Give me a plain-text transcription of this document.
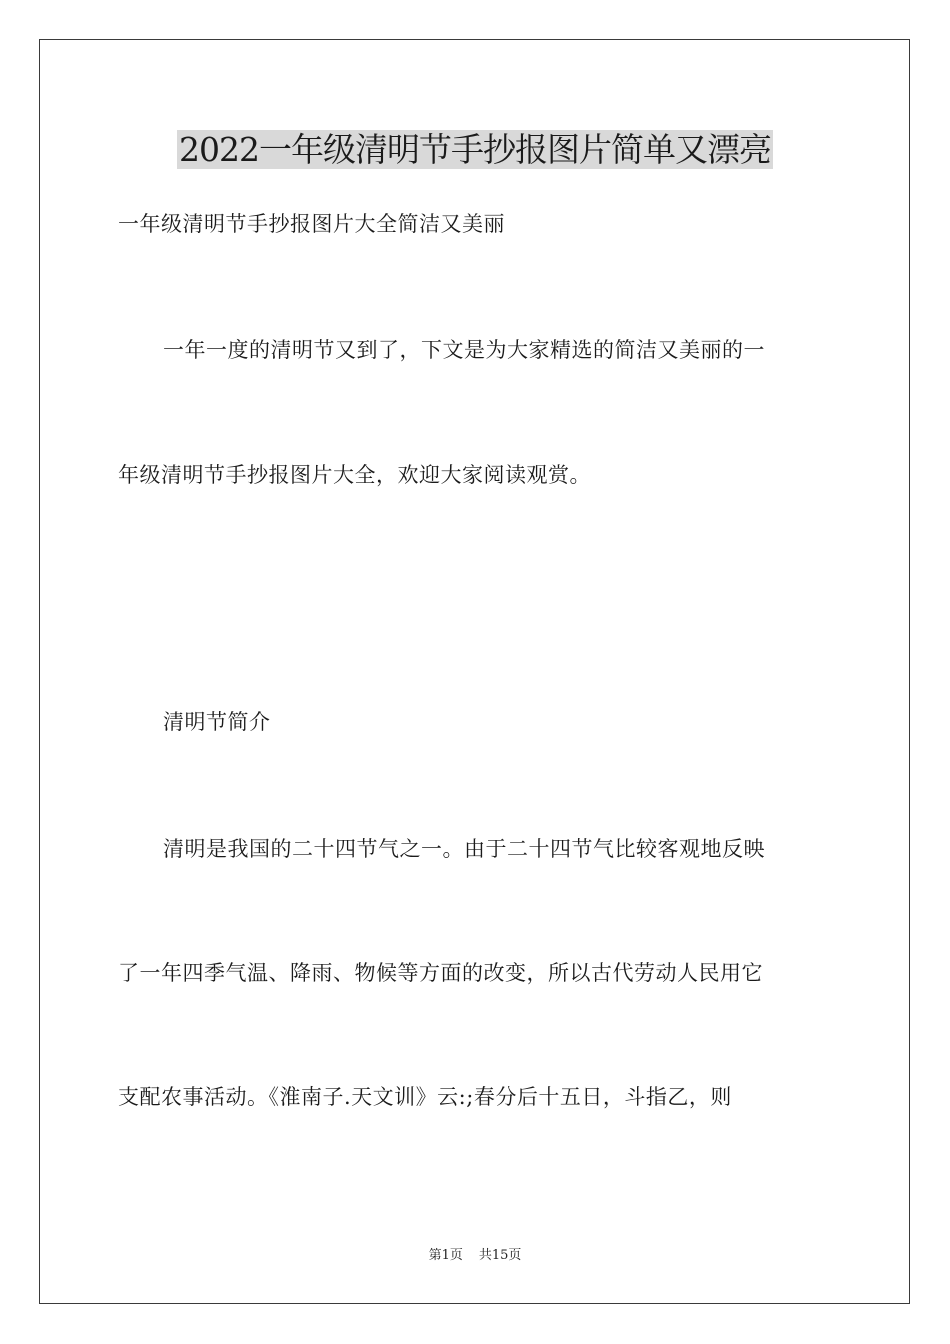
2022一年级清明节手抄报图片简单又漂亮
一年级清明节手抄报图片大全简洁又美丽
一年一度的清明节又到了，下文是为大家精选的简洁又美丽的一
年级清明节手抄报图片大全，欢迎大家阅读观赏。
清明节简介
清明是我国的二十四节气之一。由于二十四节气比较客观地反映
了一年四季气温、降雨、物候等方面的改变，所以古代劳动人民用它
支配农事活动。《淮南子.天文训》云:;春分后十五日，斗指乙，则
第1页 共15页
